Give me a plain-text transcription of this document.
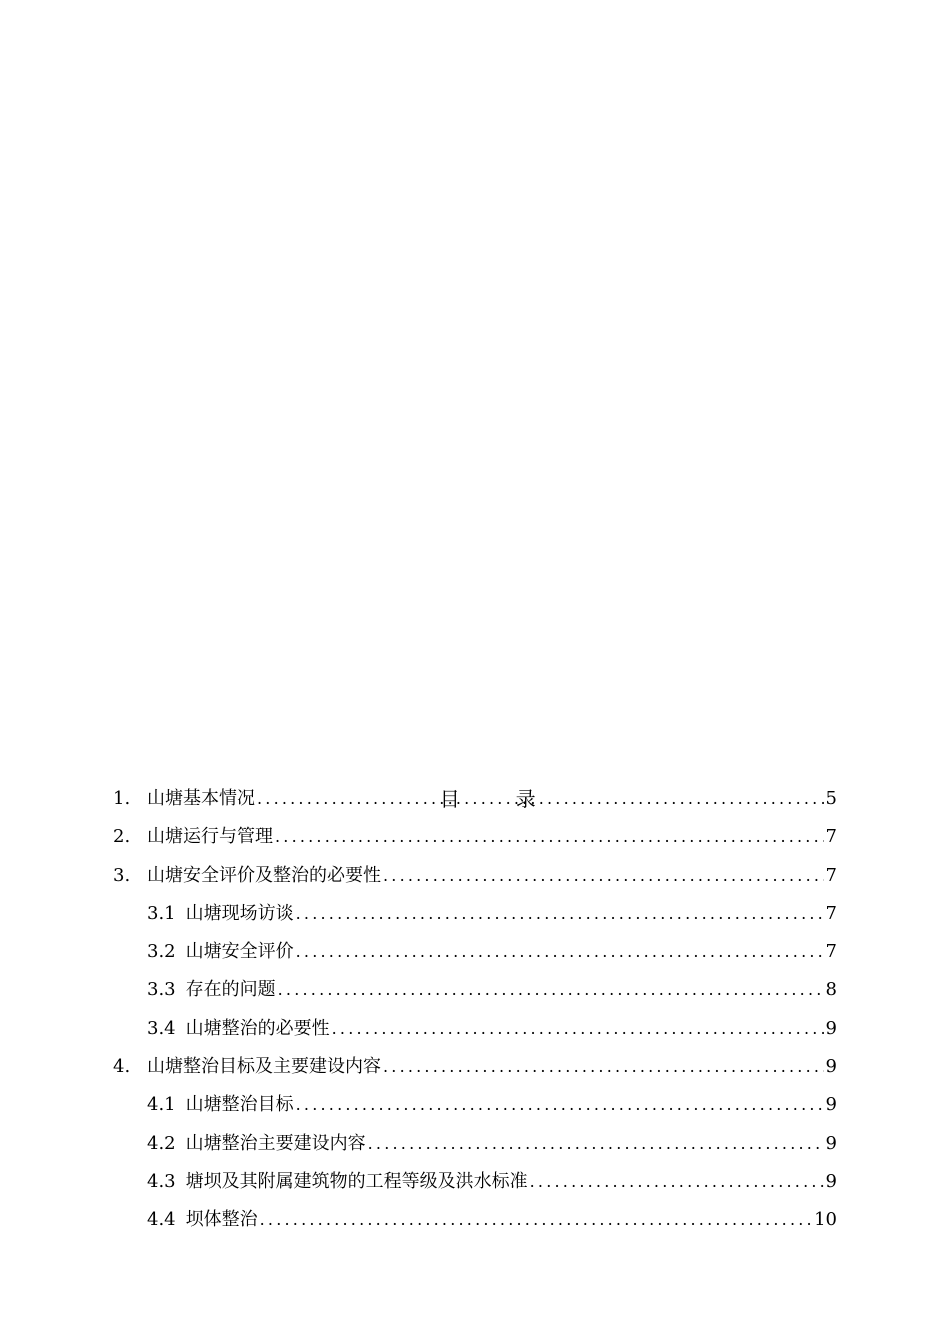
目	录

1. 山塘基本情况 .....	5
2. 山塘运行与管理 .....	7
3. 山塘安全评价及整治的必要性 .....	7
3.1 山塘现场访谈 .....	7
3.2 山塘安全评价 .....	7
3.3 存在的问题 .....	8
3.4 山塘整治的必要性 .....	9
4. 山塘整治目标及主要建设内容 .....	9
4.1 山塘整治目标 .....	9
4.2 山塘整治主要建设内容 .....	9
4.3 塘坝及其附属建筑物的工程等级及洪水标准 .....	9
4.4 坝体整治 .....	10
